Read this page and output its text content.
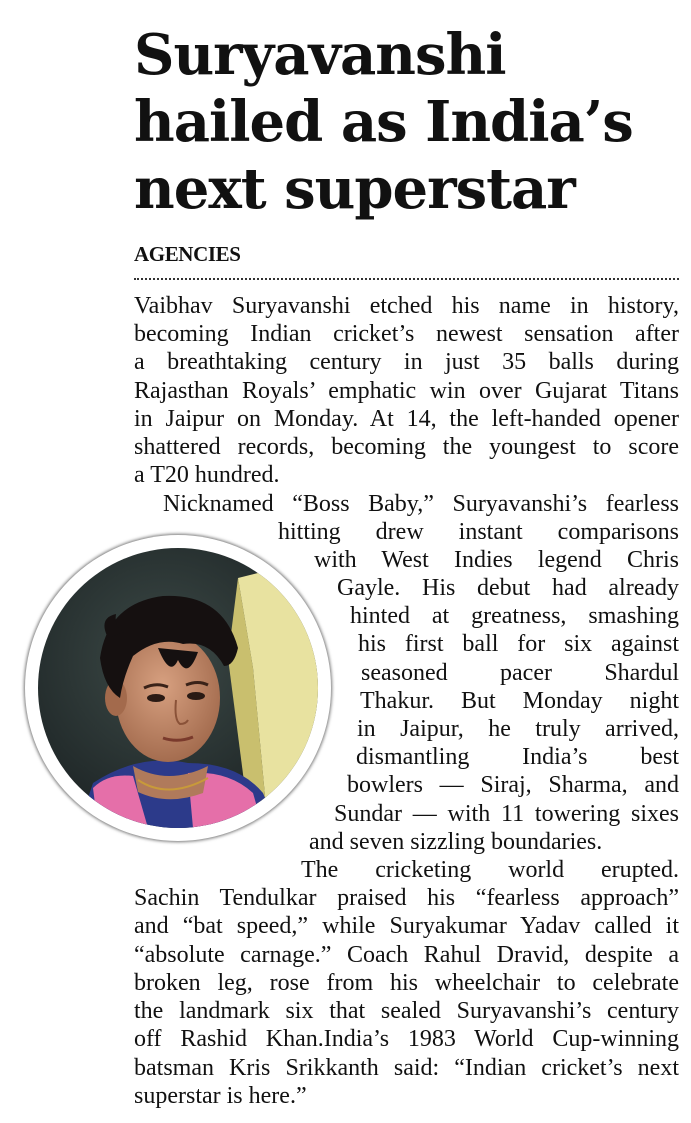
Suryavanshi
hailed as India’s
next superstar
AGENCIES
Vaibhav Suryavanshi etched his name in history,
becoming Indian cricket’s newest sensation after
a breathtaking century in just 35 balls during
Rajasthan Royals’ emphatic win over Gujarat Titans
in Jaipur on Monday. At 14, the left-handed opener
shattered records, becoming the youngest to score
a T20 hundred.
Nicknamed “Boss Baby,” Suryavanshi’s fearless
hitting drew instant comparisons
with West Indies legend Chris
Gayle. His debut had already
hinted at greatness, smashing
his first ball for six against
seasoned pacer Shardul
Thakur. But Monday night
in Jaipur, he truly arrived,
dismantling India’s best
bowlers — Siraj, Sharma, and
Sundar — with 11 towering sixes
and seven sizzling boundaries.
The cricketing world erupted.
Sachin Tendulkar praised his “fearless approach”
and “bat speed,” while Suryakumar Yadav called it
“absolute carnage.” Coach Rahul Dravid, despite a
broken leg, rose from his wheelchair to celebrate
the landmark six that sealed Suryavanshi’s century
off Rashid Khan.India’s 1983 World Cup-winning
batsman Kris Srikkanth said: “Indian cricket’s next
superstar is here.”
